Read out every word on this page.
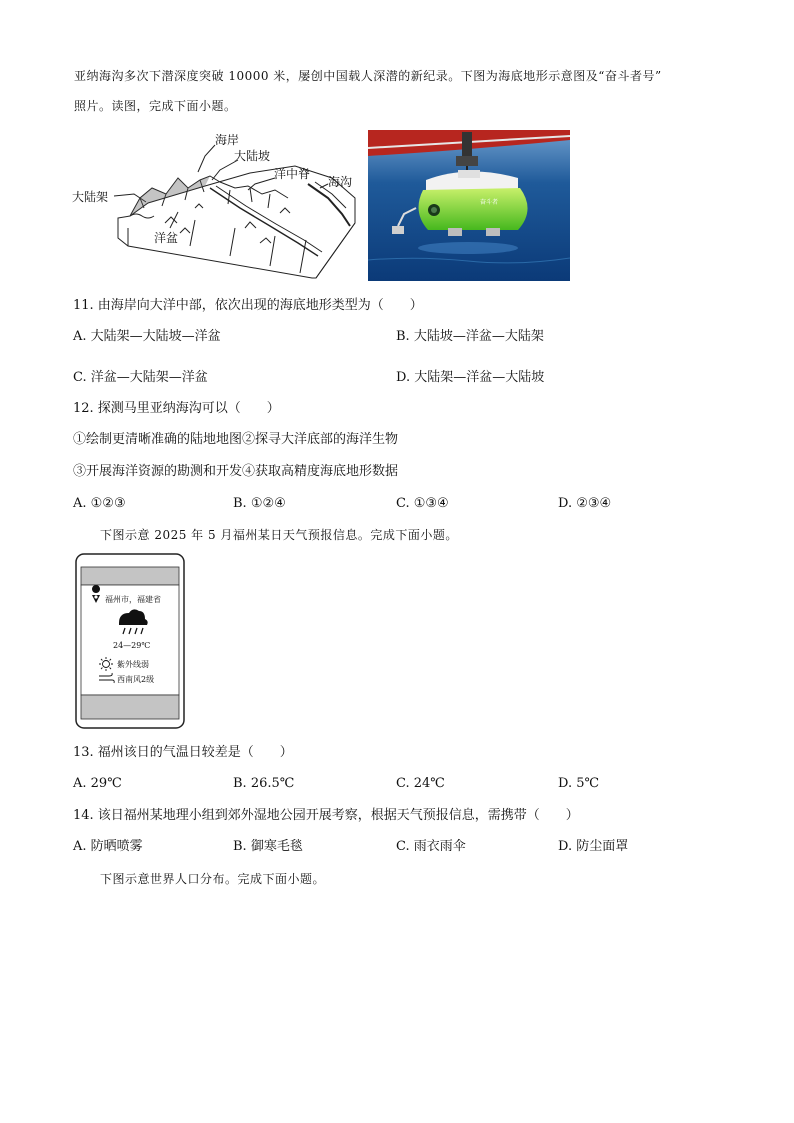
亚纳海沟多次下潜深度突破 10000 米，屡创中国载人深潜的新纪录。下图为海底地形示意图及“奋斗者号”
照片。读图，完成下面小题。
海岸
大陆坡
洋中脊
海沟
大陆架
洋盆
奋斗者
11. 由海岸向大洋中部，依次出现的海底地形类型为（　　）
A. 大陆架—大陆坡—洋盆	B. 大陆坡—洋盆—大陆架
C. 洋盆—大陆架—洋盆	D. 大陆架—洋盆—大陆坡
12. 探测马里亚纳海沟可以（　　）
①绘制更清晰准确的陆地地图②探寻大洋底部的海洋生物
③开展海洋资源的勘测和开发④获取高精度海底地形数据
A. ①②③	B. ①②④	C. ①③④	D. ②③④
下图示意 2025 年 5 月福州某日天气预报信息。完成下面小题。
福州市，福建省
24—29℃
紫外线弱
西南风2级
13. 福州该日的气温日较差是（　　）
A. 29℃	B. 26.5℃	C. 24℃	D. 5℃
14. 该日福州某地理小组到郊外湿地公园开展考察，根据天气预报信息，需携带（　　）
A. 防晒喷雾	B. 御寒毛毯	C. 雨衣雨伞	D. 防尘面罩
下图示意世界人口分布。完成下面小题。
